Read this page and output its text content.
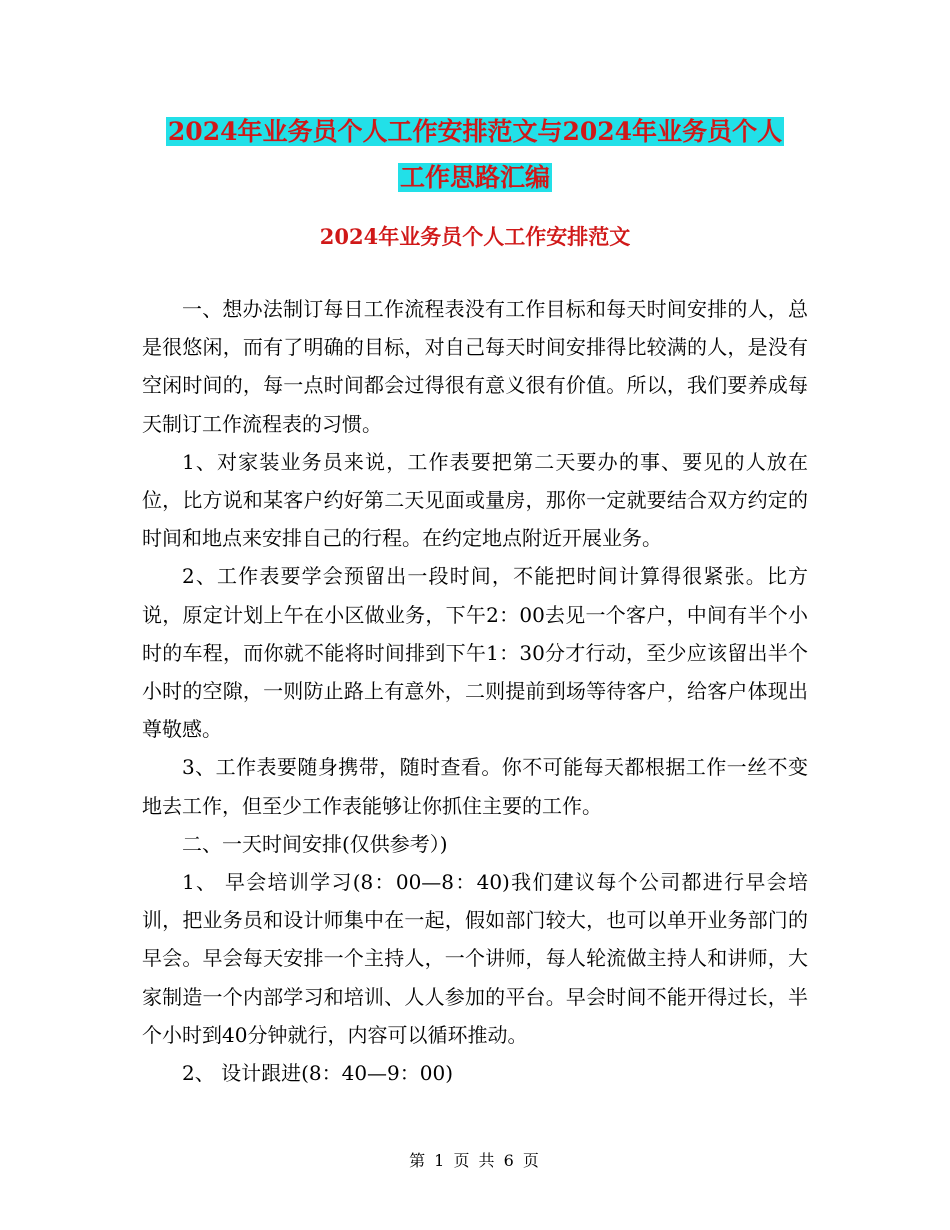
2024年业务员个人工作安排范文与2024年业务员个人
工作思路汇编
2024年业务员个人工作安排范文

一、想办法制订每日工作流程表没有工作目标和每天时间安排的人，总是很悠闲，而有了明确的目标，对自己每天时间安排得比较满的人，是没有空闲时间的，每一点时间都会过得很有意义很有价值。所以，我们要养成每天制订工作流程表的习惯。

1、对家装业务员来说，工作表要把第二天要办的事、要见的人放在位，比方说和某客户约好第二天见面或量房，那你一定就要结合双方约定的时间和地点来安排自己的行程。在约定地点附近开展业务。

2、工作表要学会预留出一段时间，不能把时间计算得很紧张。比方说，原定计划上午在小区做业务，下午2：00去见一个客户，中间有半个小时的车程，而你就不能将时间排到下午1：30分才行动，至少应该留出半个小时的空隙，一则防止路上有意外，二则提前到场等待客户，给客户体现出尊敬感。

3、工作表要随身携带，随时查看。你不可能每天都根据工作一丝不变地去工作，但至少工作表能够让你抓住主要的工作。

二、一天时间安排(仅供参考）)

1、 早会培训学习(8：00—8：40)我们建议每个公司都进行早会培训，把业务员和设计师集中在一起，假如部门较大，也可以单开业务部门的早会。早会每天安排一个主持人，一个讲师，每人轮流做主持人和讲师，大家制造一个内部学习和培训、人人参加的平台。早会时间不能开得过长，半个小时到40分钟就行，内容可以循环推动。

2、 设计跟进(8：40—9：00)

第 1 页 共 6 页
